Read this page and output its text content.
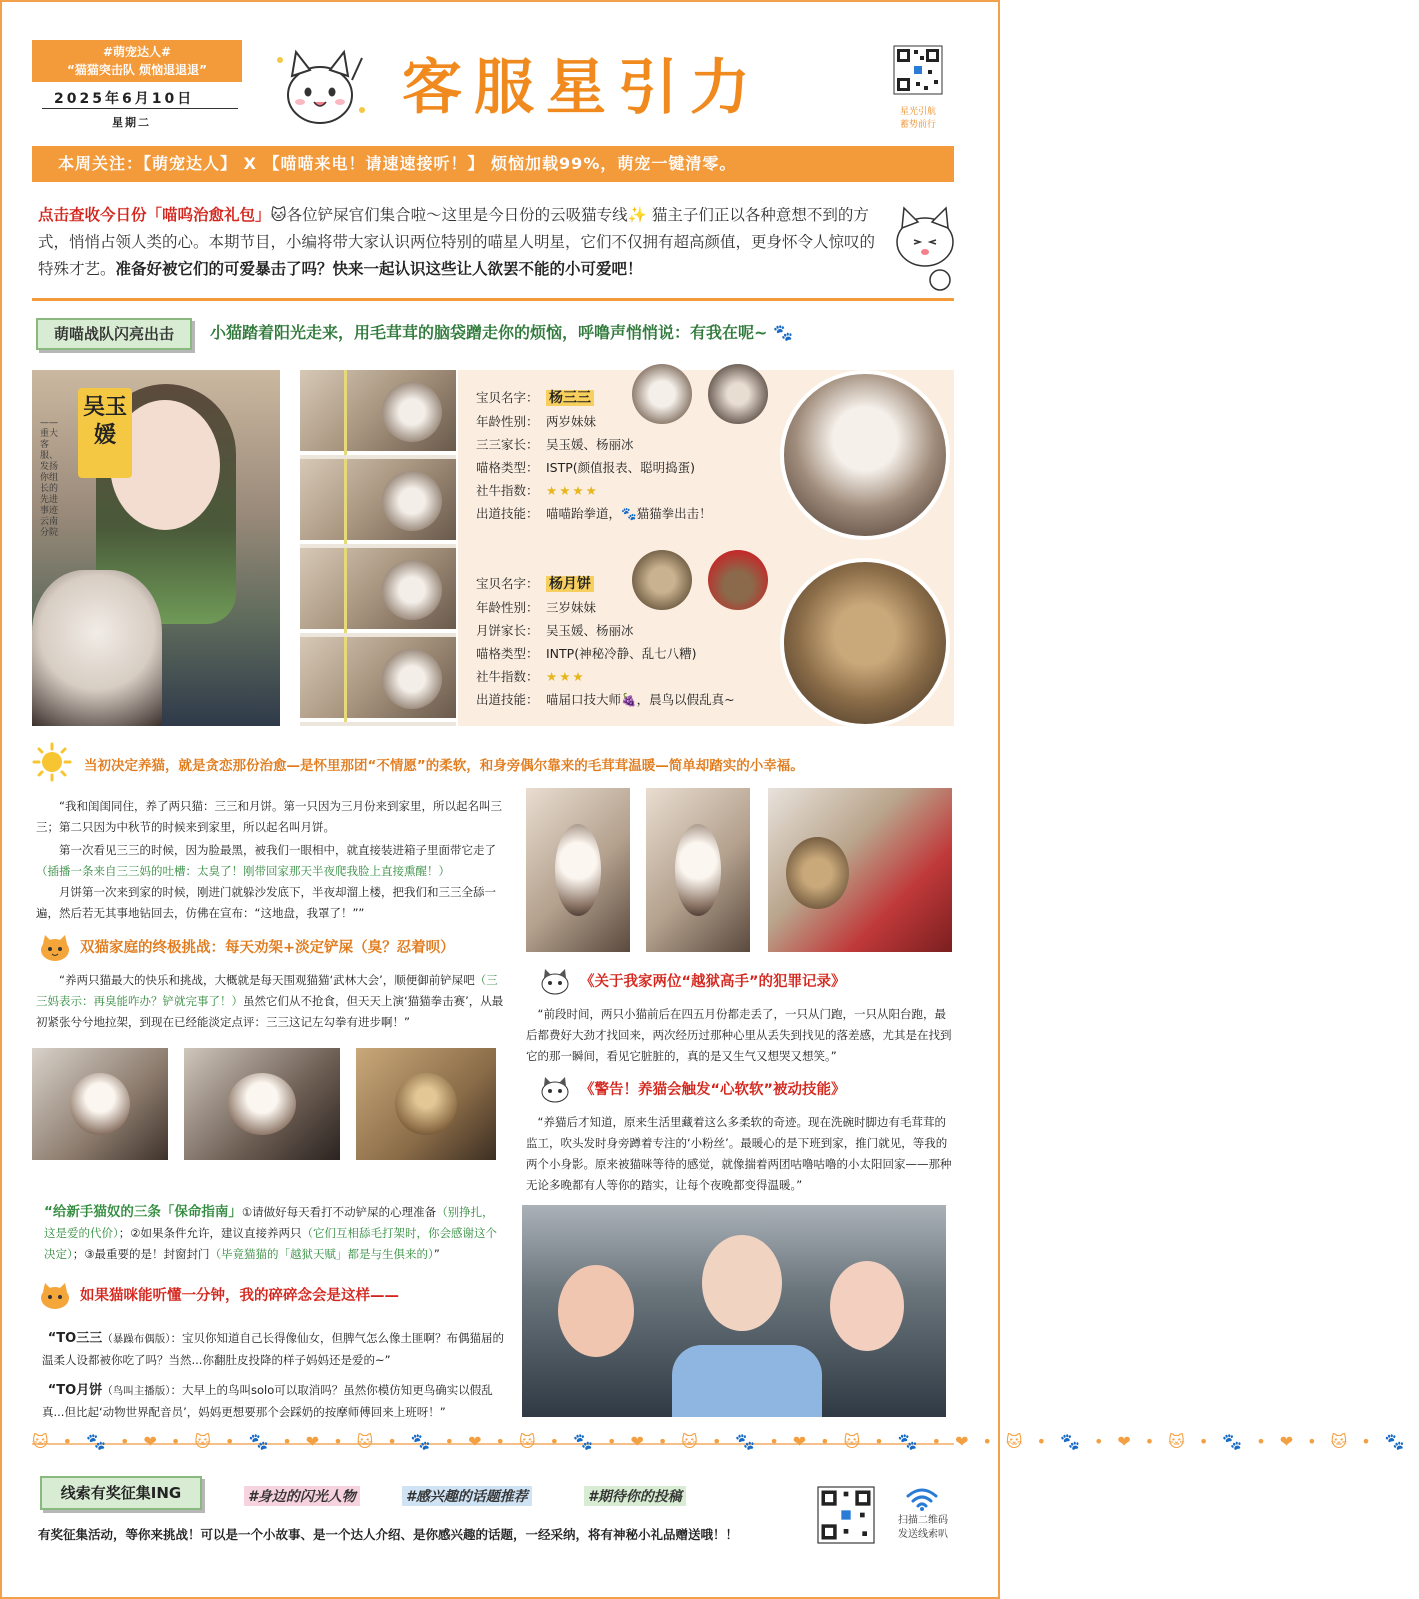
#萌宠达人#
“猫猫突击队 烦恼退退退”
2025年6月10日
星期二	客服星引力	星光引航
蓄势前行
本周关注：【萌宠达人】 X 【喵喵来电！请速速接听！】 烦恼加载99%，萌宠一键清零。
点击查收今日份「喵呜治愈礼包」🐱各位铲屎官们集合啦～这里是今日份的云吸猫专线✨ 猫主子们正以各种意想不到的方式，悄悄占领人类的心。本期节目，小编将带大家认识两位特别的喵星人明星，它们不仅拥有超高颜值，更身怀令人惊叹的特殊才艺。准备好被它们的可爱暴击了吗？快来一起认识这些让人欲罢不能的小可爱吧！
萌喵战队闪亮出击	小猫踏着阳光走来，用毛茸茸的脑袋蹭走你的烦恼，呼噜声悄悄说：有我在呢~ 🐾
吴玉媛
——重大客服、发扬你组长的先进事迹云南分院
宝贝名字： 杨三三
年龄性别： 两岁妹妹
三三家长： 吴玉媛、杨丽冰
喵格类型： ISTP(颜值报表、聪明捣蛋)
社牛指数： ★★★★
出道技能： 喵喵跆拳道，🐾猫猫拳出击！
宝贝名字： 杨月饼
年龄性别： 三岁妹妹
月饼家长： 吴玉媛、杨丽冰
喵格类型： INTP(神秘冷静、乱七八糟)
社牛指数： ★★★
出道技能： 喵届口技大师🍇，晨鸟以假乱真~
当初决定养猫，就是贪恋那份治愈—是怀里那团“不情愿”的柔软，和身旁偶尔靠来的毛茸茸温暖—简单却踏实的小幸福。
“我和闺闺同住，养了两只猫：三三和月饼。第一只因为三月份来到家里，所以起名叫三三；第二只因为中秋节的时候来到家里，所以起名叫月饼。
第一次看见三三的时候，因为脸最黑，被我们一眼相中，就直接装进箱子里面带它走了（插播一条来自三三妈的吐槽：太臭了！刚带回家那天半夜爬我脸上直接熏醒！）
月饼第一次来到家的时候，刚进门就躲沙发底下，半夜却溜上楼，把我们和三三全舔一遍，然后若无其事地钻回去，仿佛在宣布：“这地盘，我罩了！””
双猫家庭的终极挑战：每天劝架+淡定铲屎（臭？忍着呗）
“养两只猫最大的快乐和挑战，大概就是每天围观猫猫‘武林大会’，顺便御前铲屎吧（三三妈表示：再臭能咋办？铲就完事了！）虽然它们从不抢食，但天天上演‘猫猫拳击赛’，从最初紧张兮兮地拉架，到现在已经能淡定点评：三三这记左勾拳有进步啊！”
《关于我家两位“越狱高手”的犯罪记录》
“前段时间，两只小猫前后在四五月份都走丢了，一只从门跑，一只从阳台跑，最后都费好大劲才找回来，两次经历过那种心里从丢失到找见的落差感，尤其是在找到它的那一瞬间，看见它脏脏的，真的是又生气又想哭又想笑。”
《警告！养猫会触发“心软软”被动技能》
“养猫后才知道，原来生活里藏着这么多柔软的奇迹。现在洗碗时脚边有毛茸茸的监工，吹头发时身旁蹲着专注的‘小粉丝’。最暖心的是下班到家，推门就见，等我的两个小身影。原来被猫咪等待的感觉，就像揣着两团咕噜咕噜的小太阳回家——那种无论多晚都有人等你的踏实，让每个夜晚都变得温暖。”
“给新手猫奴的三条「保命指南」①请做好每天看打不动铲屎的心理准备（别挣扎，这是爱的代价）；②如果条件允许，建议直接养两只（它们互相舔毛打架时，你会感谢这个决定）；③最重要的是！封窗封门（毕竟猫猫的「越狱天赋」都是与生俱来的）”
如果猫咪能听懂一分钟，我的碎碎念会是这样——
“TO三三（暴躁布偶版）：宝贝你知道自己长得像仙女，但脾气怎么像土匪啊？布偶猫届的温柔人设都被你吃了吗？当然...你翻肚皮投降的样子妈妈还是爱的~”
“TO月饼（鸟叫主播版）：大早上的鸟叫solo可以取消吗？虽然你模仿知更鸟确实以假乱真...但比起‘动物世界配音员’，妈妈更想要那个会踩奶的按摩师傅回来上班呀！”
🐱•🐾•❤•🐱•🐾•❤•🐱•🐾•❤•🐱•🐾•❤•🐱•🐾•❤•🐱•🐾•❤•🐱•🐾•❤•🐱•🐾•❤•🐱•🐾
线索有奖征集ING	#身边的闪光人物	#感兴趣的话题推荐	#期待你的投稿
有奖征集活动，等你来挑战！可以是一个小故事、是一个达人介绍、是你感兴趣的话题，一经采纳，将有神秘小礼品赠送哦！！
扫描二维码
发送线索叭
